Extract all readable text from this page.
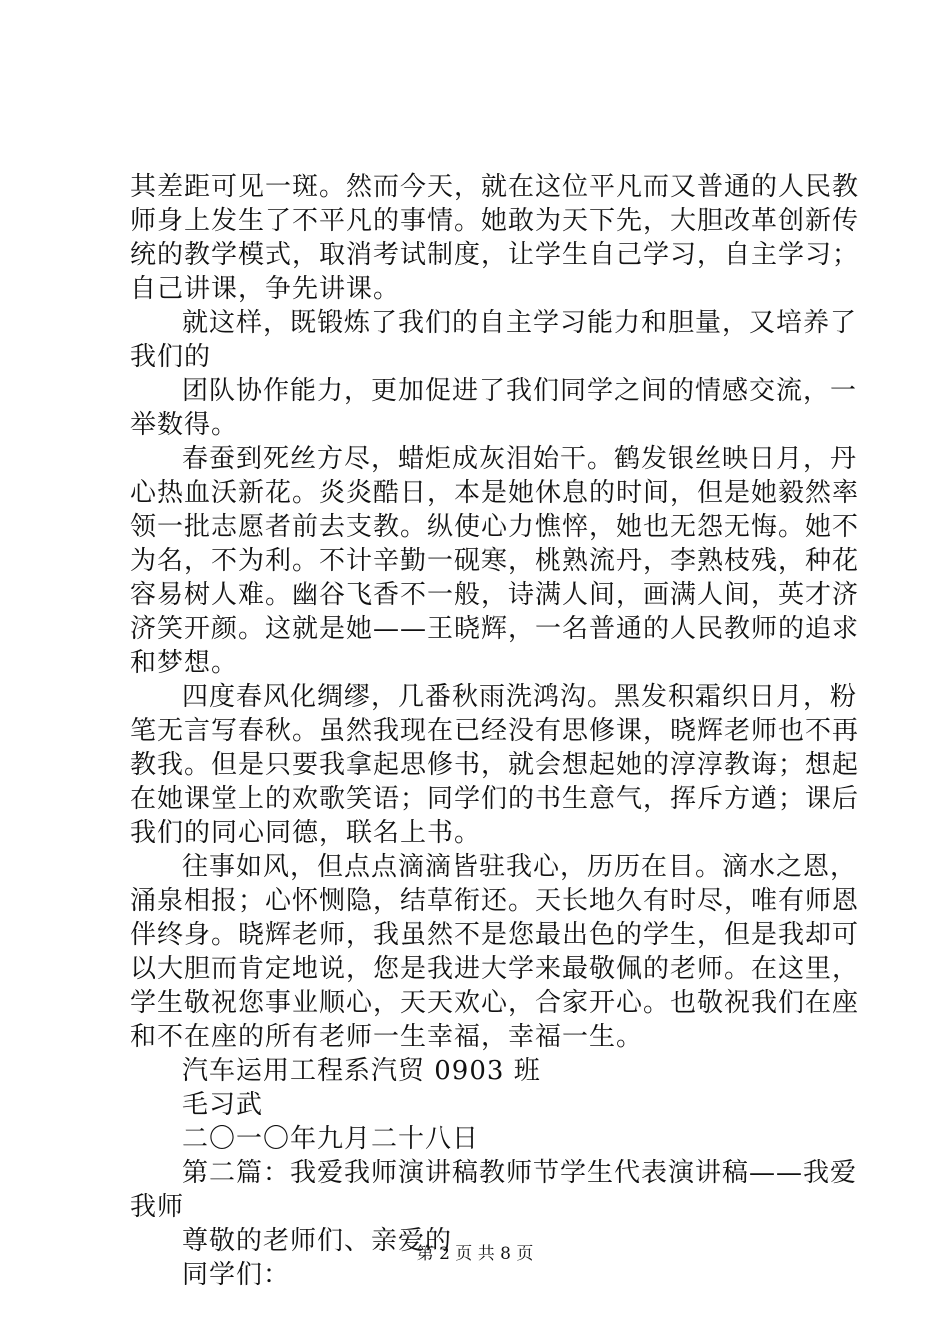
其差距可见一斑。然而今天，就在这位平凡而又普通的人民教
师身上发生了不平凡的事情。她敢为天下先，大胆改革创新传
统的教学模式，取消考试制度，让学生自己学习，自主学习；
自己讲课，争先讲课。
就这样，既锻炼了我们的自主学习能力和胆量，又培养了
我们的
团队协作能力，更加促进了我们同学之间的情感交流，一
举数得。
春蚕到死丝方尽，蜡炬成灰泪始干。鹤发银丝映日月，丹
心热血沃新花。炎炎酷日，本是她休息的时间，但是她毅然率
领一批志愿者前去支教。纵使心力憔悴，她也无怨无悔。她不
为名，不为利。不计辛勤一砚寒，桃熟流丹，李熟枝残，种花
容易树人难。幽谷飞香不一般，诗满人间，画满人间，英才济
济笑开颜。这就是她——王晓辉，一名普通的人民教师的追求
和梦想。
四度春风化绸缪，几番秋雨洗鸿沟。黑发积霜织日月，粉
笔无言写春秋。虽然我现在已经没有思修课，晓辉老师也不再
教我。但是只要我拿起思修书，就会想起她的淳淳教诲；想起
在她课堂上的欢歌笑语；同学们的书生意气，挥斥方遒；课后
我们的同心同德，联名上书。
往事如风，但点点滴滴皆驻我心，历历在目。滴水之恩，
涌泉相报；心怀恻隐，结草衔还。天长地久有时尽，唯有师恩
伴终身。晓辉老师，我虽然不是您最出色的学生，但是我却可
以大胆而肯定地说，您是我进大学来最敬佩的老师。在这里，
学生敬祝您事业顺心，天天欢心，合家开心。也敬祝我们在座
和不在座的所有老师一生幸福，幸福一生。
汽车运用工程系汽贸 0903 班
毛习武
二〇一〇年九月二十八日
第二篇：我爱我师演讲稿教师节学生代表演讲稿——我爱
我师
尊敬的老师们、亲爱的
同学们：
第 2 页 共 8 页
